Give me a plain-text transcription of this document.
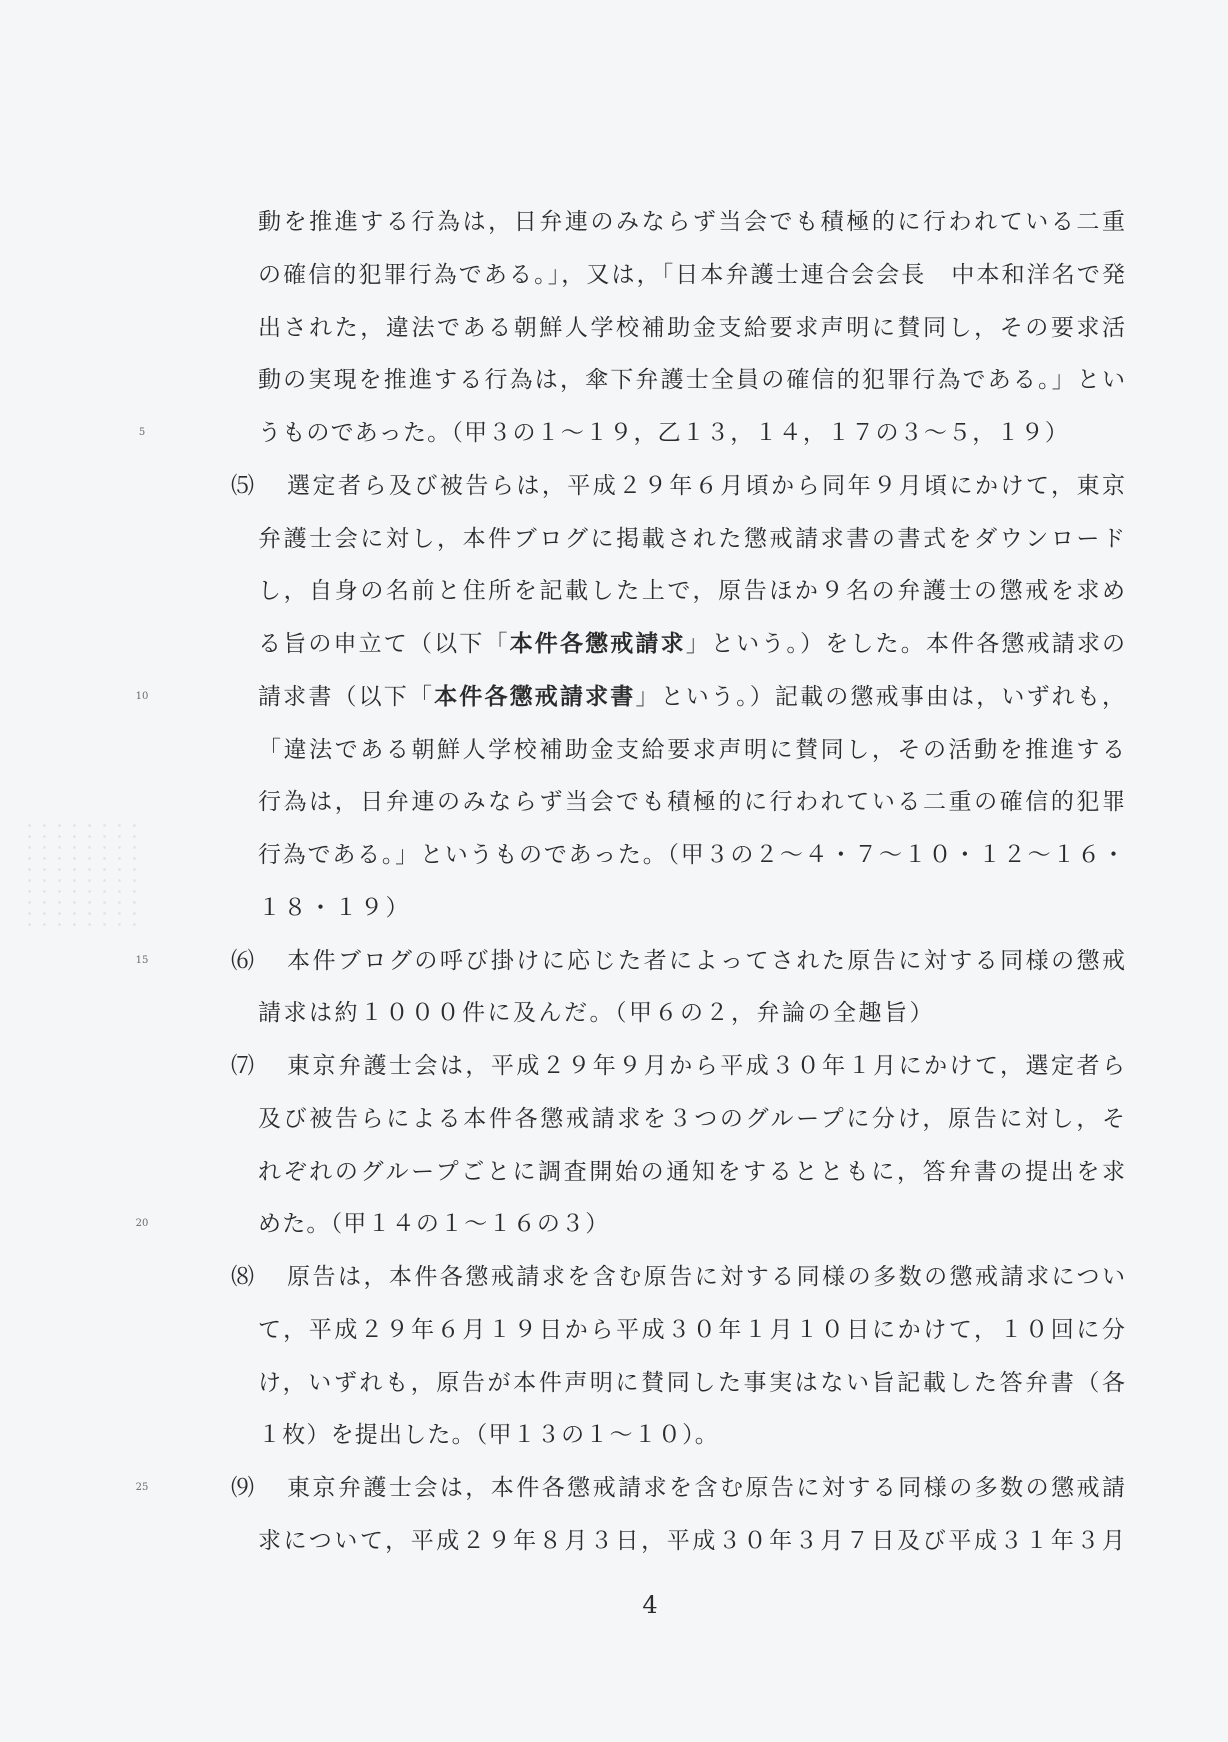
動を推進する行為は，日弁連のみならず当会でも積極的に行われている二重
の確信的犯罪行為である。」，又は，「日本弁護士連合会会長　中本和洋名で発
出された，違法である朝鮮人学校補助金支給要求声明に賛同し，その要求活
動の実現を推進する行為は，傘下弁護士全員の確信的犯罪行為である。」とい
5	うものであった。（甲３の１～１９，乙１３，１４，１７の３～５，１９）
⑸	選定者ら及び被告らは，平成２９年６月頃から同年９月頃にかけて，東京
弁護士会に対し，本件ブログに掲載された懲戒請求書の書式をダウンロード
し，自身の名前と住所を記載した上で，原告ほか９名の弁護士の懲戒を求め
る旨の申立て（以下「本件各懲戒請求」という。）をした。本件各懲戒請求の
10	請求書（以下「本件各懲戒請求書」という。）記載の懲戒事由は，いずれも，
「違法である朝鮮人学校補助金支給要求声明に賛同し，その活動を推進する
行為は，日弁連のみならず当会でも積極的に行われている二重の確信的犯罪
行為である。」というものであった。（甲３の２～４・７～１０・１２～１６・
１８・１９）
15	⑹	本件ブログの呼び掛けに応じた者によってされた原告に対する同様の懲戒
請求は約１０００件に及んだ。（甲６の２，弁論の全趣旨）
⑺	東京弁護士会は，平成２９年９月から平成３０年１月にかけて，選定者ら
及び被告らによる本件各懲戒請求を３つのグループに分け，原告に対し，そ
れぞれのグループごとに調査開始の通知をするとともに，答弁書の提出を求
20	めた。（甲１４の１～１６の３）
⑻	原告は，本件各懲戒請求を含む原告に対する同様の多数の懲戒請求につい
て，平成２９年６月１９日から平成３０年１月１０日にかけて，１０回に分
け，いずれも，原告が本件声明に賛同した事実はない旨記載した答弁書（各
１枚）を提出した。（甲１３の１～１０）。
25	⑼	東京弁護士会は，本件各懲戒請求を含む原告に対する同様の多数の懲戒請
求について，平成２９年８月３日，平成３０年３月７日及び平成３１年３月
4
